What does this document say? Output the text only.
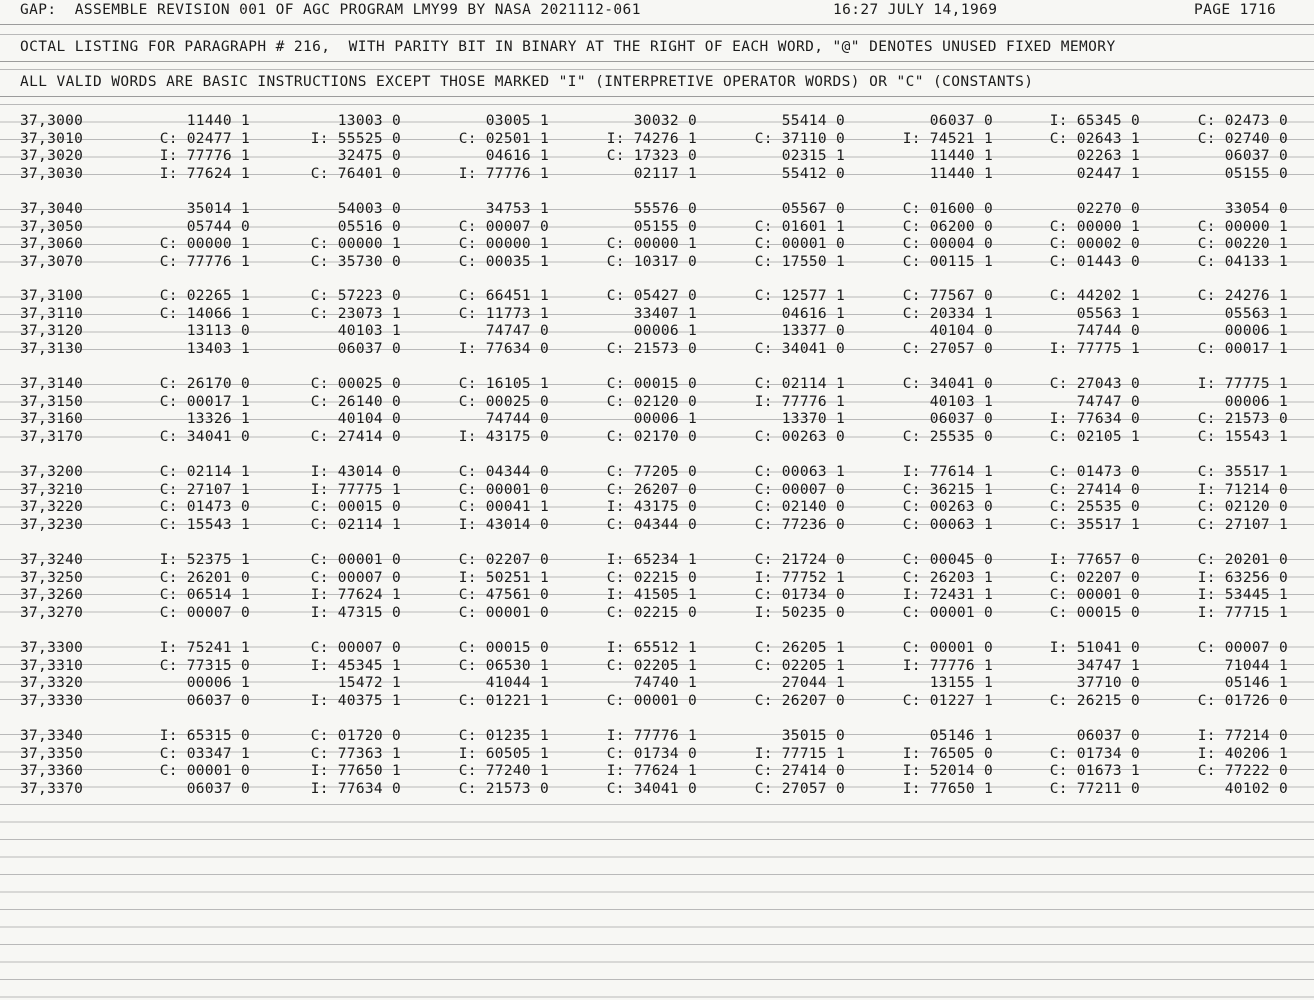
GAP:  ASSEMBLE REVISION 001 OF AGC PROGRAM LMY99 BY NASA 2021112-061

	16:27 JULY 14,1969

	PAGE 1716

OCTAL LISTING FOR PARAGRAPH # 216,  WITH PARITY BIT IN BINARY AT THE RIGHT OF EACH WORD, "@" DENOTES UNUSED FIXED MEMORY

ALL VALID WORDS ARE BASIC INSTRUCTIONS EXCEPT THOSE MARKED "I" (INTERPRETIVE OPERATOR WORDS) OR "C" (CONSTANTS)

37,3000	11440 1	13003 0	03005 1	30032 0	55414 0	06037 0	I: 65345 0	C: 02473 0
37,3010	C: 02477 1	I: 55525 0	C: 02501 1	I: 74276 1	C: 37110 0	I: 74521 1	C: 02643 1	C: 02740 0
37,3020	I: 77776 1	32475 0	04616 1	C: 17323 0	02315 1	11440 1	02263 1	06037 0
37,3030	I: 77624 1	C: 76401 0	I: 77776 1	02117 1	55412 0	11440 1	02447 1	05155 0
37,3040	35014 1	54003 0	34753 1	55576 0	05567 0	C: 01600 0	02270 0	33054 0
37,3050	05744 0	05516 0	C: 00007 0	05155 0	C: 01601 1	C: 06200 0	C: 00000 1	C: 00000 1
37,3060	C: 00000 1	C: 00000 1	C: 00000 1	C: 00000 1	C: 00001 0	C: 00004 0	C: 00002 0	C: 00220 1
37,3070	C: 77776 1	C: 35730 0	C: 00035 1	C: 10317 0	C: 17550 1	C: 00115 1	C: 01443 0	C: 04133 1
37,3100	C: 02265 1	C: 57223 0	C: 66451 1	C: 05427 0	C: 12577 1	C: 77567 0	C: 44202 1	C: 24276 1
37,3110	C: 14066 1	C: 23073 1	C: 11773 1	33407 1	04616 1	C: 20334 1	05563 1	05563 1
37,3120	13113 0	40103 1	74747 0	00006 1	13377 0	40104 0	74744 0	00006 1
37,3130	13403 1	06037 0	I: 77634 0	C: 21573 0	C: 34041 0	C: 27057 0	I: 77775 1	C: 00017 1
37,3140	C: 26170 0	C: 00025 0	C: 16105 1	C: 00015 0	C: 02114 1	C: 34041 0	C: 27043 0	I: 77775 1
37,3150	C: 00017 1	C: 26140 0	C: 00025 0	C: 02120 0	I: 77776 1	40103 1	74747 0	00006 1
37,3160	13326 1	40104 0	74744 0	00006 1	13370 1	06037 0	I: 77634 0	C: 21573 0
37,3170	C: 34041 0	C: 27414 0	I: 43175 0	C: 02170 0	C: 00263 0	C: 25535 0	C: 02105 1	C: 15543 1
37,3200	C: 02114 1	I: 43014 0	C: 04344 0	C: 77205 0	C: 00063 1	I: 77614 1	C: 01473 0	C: 35517 1
37,3210	C: 27107 1	I: 77775 1	C: 00001 0	C: 26207 0	C: 00007 0	C: 36215 1	C: 27414 0	I: 71214 0
37,3220	C: 01473 0	C: 00015 0	C: 00041 1	I: 43175 0	C: 02140 0	C: 00263 0	C: 25535 0	C: 02120 0
37,3230	C: 15543 1	C: 02114 1	I: 43014 0	C: 04344 0	C: 77236 0	C: 00063 1	C: 35517 1	C: 27107 1
37,3240	I: 52375 1	C: 00001 0	C: 02207 0	I: 65234 1	C: 21724 0	C: 00045 0	I: 77657 0	C: 20201 0
37,3250	C: 26201 0	C: 00007 0	I: 50251 1	C: 02215 0	I: 77752 1	C: 26203 1	C: 02207 0	I: 63256 0
37,3260	C: 06514 1	I: 77624 1	C: 47561 0	I: 41505 1	C: 01734 0	I: 72431 1	C: 00001 0	I: 53445 1
37,3270	C: 00007 0	I: 47315 0	C: 00001 0	C: 02215 0	I: 50235 0	C: 00001 0	C: 00015 0	I: 77715 1
37,3300	I: 75241 1	C: 00007 0	C: 00015 0	I: 65512 1	C: 26205 1	C: 00001 0	I: 51041 0	C: 00007 0
37,3310	C: 77315 0	I: 45345 1	C: 06530 1	C: 02205 1	C: 02205 1	I: 77776 1	34747 1	71044 1
37,3320	00006 1	15472 1	41044 1	74740 1	27044 1	13155 1	37710 0	05146 1
37,3330	06037 0	I: 40375 1	C: 01221 1	C: 00001 0	C: 26207 0	C: 01227 1	C: 26215 0	C: 01726 0
37,3340	I: 65315 0	C: 01720 0	C: 01235 1	I: 77776 1	35015 0	05146 1	06037 0	I: 77214 0
37,3350	C: 03347 1	C: 77363 1	I: 60505 1	C: 01734 0	I: 77715 1	I: 76505 0	C: 01734 0	I: 40206 1
37,3360	C: 00001 0	I: 77650 1	C: 77240 1	I: 77624 1	C: 27414 0	I: 52014 0	C: 01673 1	C: 77222 0
37,3370	06037 0	I: 77634 0	C: 21573 0	C: 34041 0	C: 27057 0	I: 77650 1	C: 77211 0	40102 0
